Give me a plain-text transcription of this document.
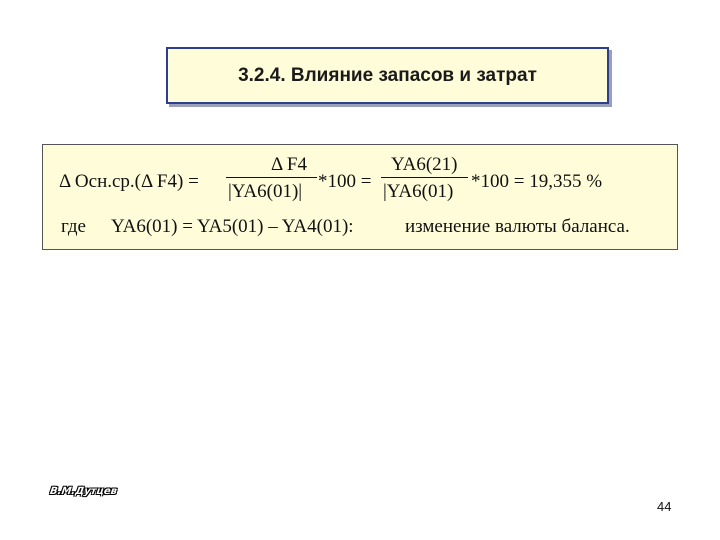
3.2.4. Влияние запасов и затрат
Δ Осн.ср.(Δ F4) =
Δ F4
|YA6(01)| *100 =
YA6(21)
|YA6(01) *100 = 19,355 %
где YA6(01) = YA5(01) – YA4(01):	изменение валюты баланса.
В.М.Дутцев
44
